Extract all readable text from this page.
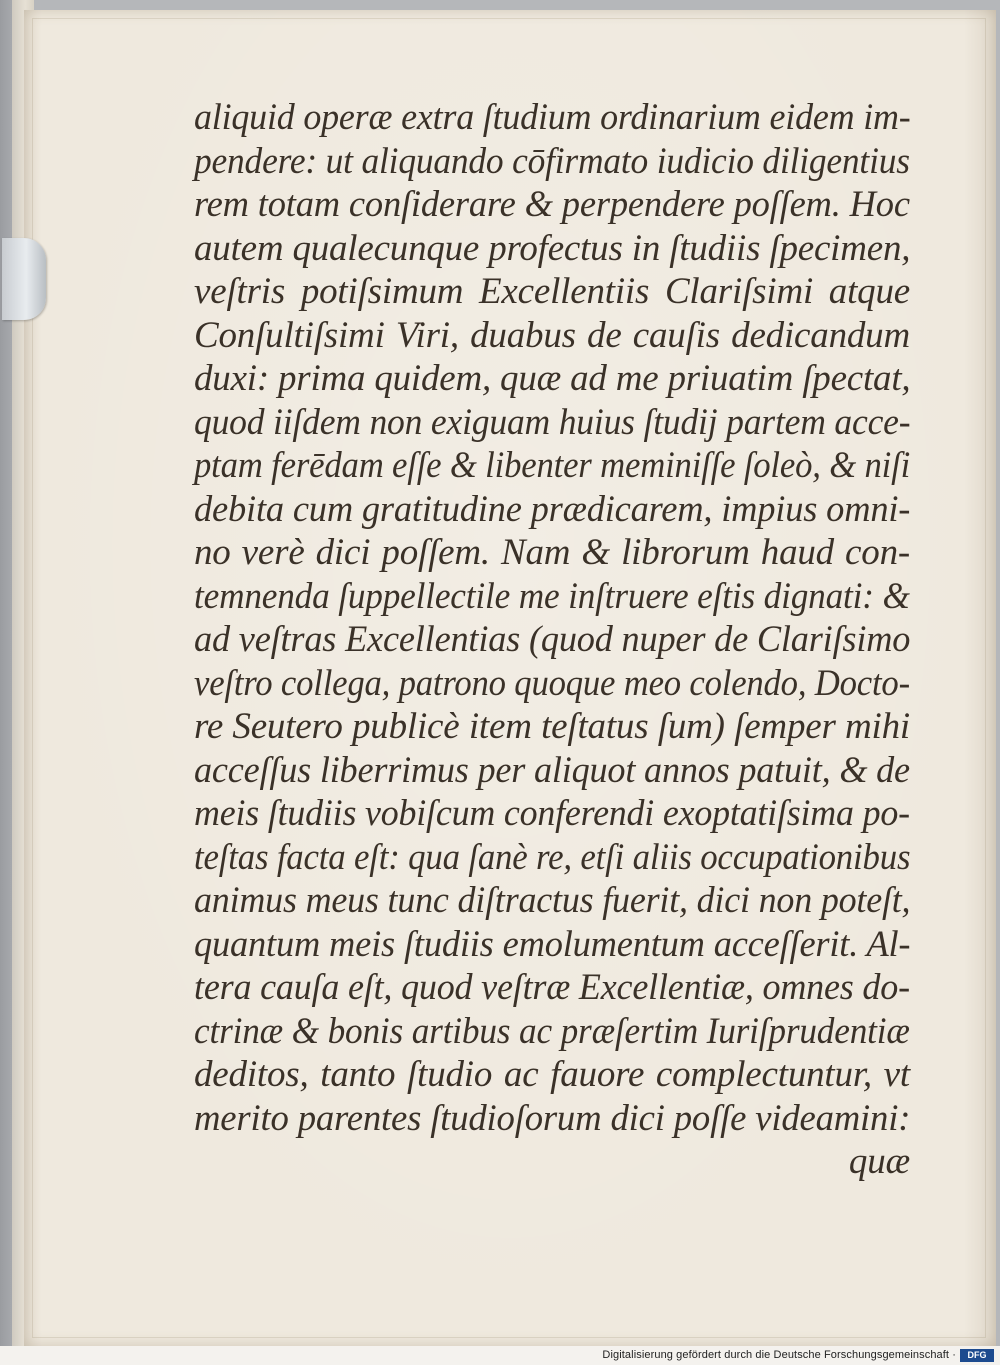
aliquid operæ extra ſtudium ordinarium eidem im-
pendere: ut aliquando cōfirmato iudicio diligentius
rem totam conſiderare & perpendere poſſem. Hoc
autem qualecunque profectus in ſtudiis ſpecimen,
veſtris potiſsimum Excellentiis Clariſsimi atque
Conſultiſsimi Viri, duabus de cauſis dedicandum
duxi: prima quidem, quæ ad me priuatim ſpectat,
quod iiſdem non exiguam huius ſtudij partem acce-
ptam ferēdam eſſe & libenter meminiſſe ſoleò, & niſi
debita cum gratitudine prædicarem, impius omni-
no verè dici poſſem. Nam & librorum haud con-
temnenda ſuppellectile me inſtruere eſtis dignati: &
ad veſtras Excellentias (quod nuper de Clariſsimo
veſtro collega, patrono quoque meo colendo, Docto-
re Seutero publicè item teſtatus ſum) ſemper mihi
acceſſus liberrimus per aliquot annos patuit, & de
meis ſtudiis vobiſcum conferendi exoptatiſsima po-
teſtas facta eſt: qua ſanè re, etſi aliis occupationibus
animus meus tunc diſtractus fuerit, dici non poteſt,
quantum meis ſtudiis emolumentum acceſſerit. Al-
tera cauſa eſt, quod veſtræ Excellentiæ, omnes do-
ctrinæ & bonis artibus ac præſertim Iuriſprudentiæ
deditos, tanto ſtudio ac fauore complectuntur, vt
merito parentes ſtudioſorum dici poſſe videamini:
quæ
Digitalisierung gefördert durch die Deutsche Forschungsgemeinschaft ·	DFG
